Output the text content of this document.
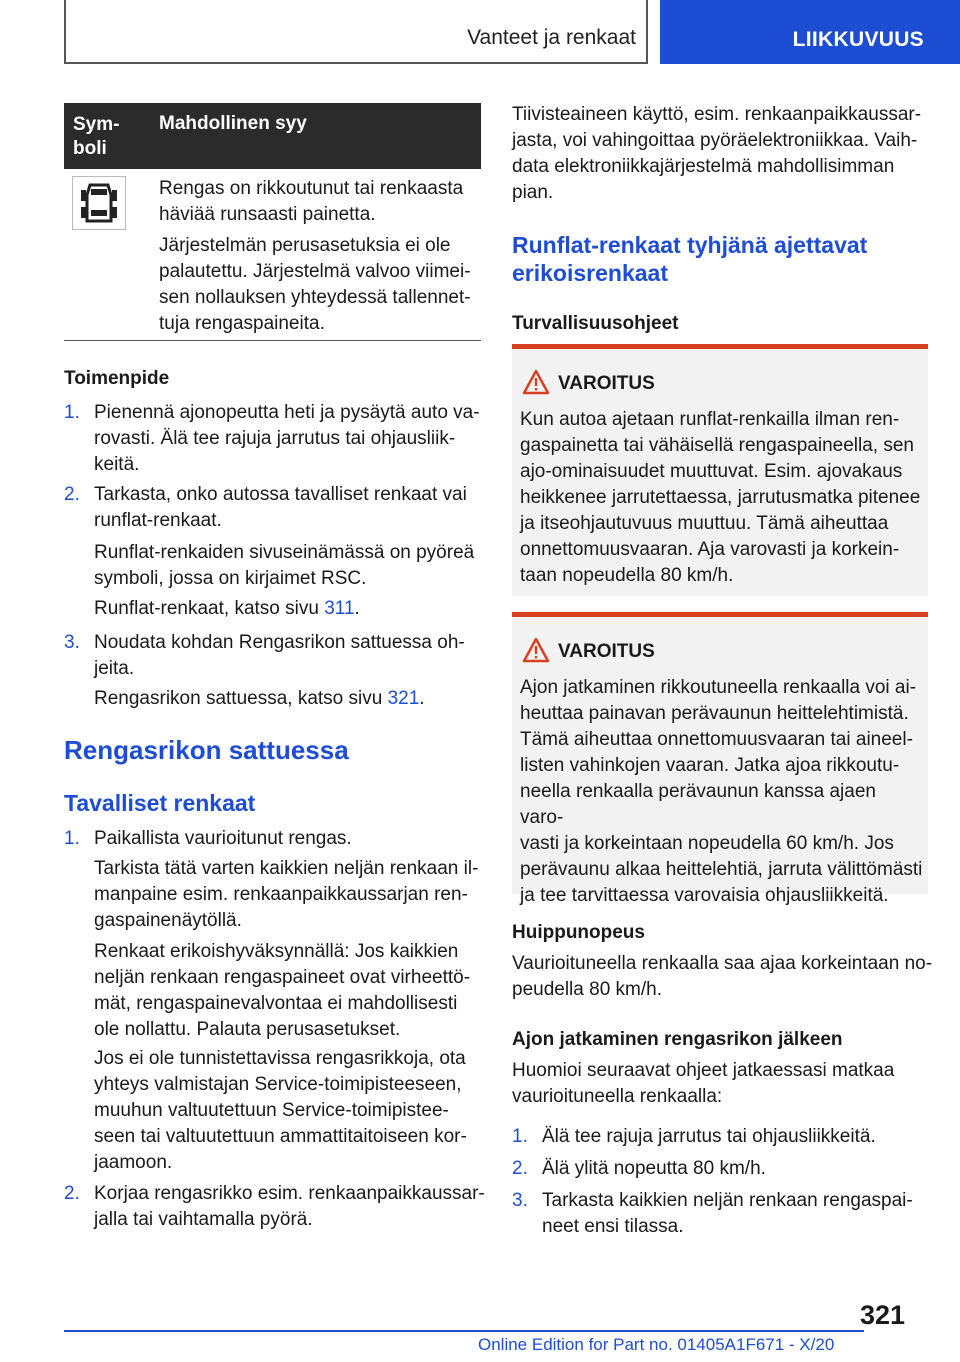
Vanteet ja renkaat	LIIKKUVUUS
Sym-
boli
Mahdollinen syy
Rengas on rikkoutunut tai renkaasta
häviää runsaasti painetta.
Järjestelmän perusasetuksia ei ole
palautettu. Järjestelmä valvoo viimei-
sen nollauksen yhteydessä tallennet-
tuja rengaspaineita.
Toimenpide
1. Pienennä ajonopeutta heti ja pysäytä auto va-
rovasti. Älä tee rajuja jarrutus tai ohjausliik-
keitä.
2. Tarkasta, onko autossa tavalliset renkaat vai
runflat-renkaat.
Runflat-renkaiden sivuseinämässä on pyöreä
symboli, jossa on kirjaimet RSC.
Runflat-renkaat, katso sivu 311.
3. Noudata kohdan Rengasrikon sattuessa oh-
jeita.
Rengasrikon sattuessa, katso sivu 321.
Rengasrikon sattuessa
Tavalliset renkaat
1. Paikallista vaurioitunut rengas.
Tarkista tätä varten kaikkien neljän renkaan il-
manpaine esim. renkaanpaikkaussarjan ren-
gaspainenäytöllä.
Renkaat erikoishyväksynnällä: Jos kaikkien
neljän renkaan rengaspaineet ovat virheettö-
mät, rengaspainevalvontaa ei mahdollisesti
ole nollattu. Palauta perusasetukset.
Jos ei ole tunnistettavissa rengasrikkoja, ota
yhteys valmistajan Service-toimipisteeseen,
muuhun valtuutettuun Service-toimipistee-
seen tai valtuutettuun ammattitaitoiseen kor-
jaamoon.
2. Korjaa rengasrikko esim. renkaanpaikkaussar-
jalla tai vaihtamalla pyörä.
Tiivisteaineen käyttö, esim. renkaanpaikkaussar-
jasta, voi vahingoittaa pyöräelektroniikkaa. Vaih-
data elektroniikkajärjestelmä mahdollisimman
pian.
Runflat-renkaat tyhjänä ajettavat
erikoisrenkaat
Turvallisuusohjeet
VAROITUS
Kun autoa ajetaan runflat-renkailla ilman ren-
gaspainetta tai vähäisellä rengaspaineella, sen
ajo-ominaisuudet muuttuvat. Esim. ajovakaus
heikkenee jarrutettaessa, jarrutusmatka pitenee
ja itseohjautuvuus muuttuu. Tämä aiheuttaa
onnettomuusvaaran. Aja varovasti ja korkein-
taan nopeudella 80 km/h.
VAROITUS
Ajon jatkaminen rikkoutuneella renkaalla voi ai-
heuttaa painavan perävaunun heittelehtimistä.
Tämä aiheuttaa onnettomuusvaaran tai aineel-
listen vahinkojen vaaran. Jatka ajoa rikkoutu-
neella renkaalla perävaunun kanssa ajaen varo-
vasti ja korkeintaan nopeudella 60 km/h. Jos
perävaunu alkaa heittelehtiä, jarruta välittömästi
ja tee tarvittaessa varovaisia ohjausliikkeitä.
Huippunopeus
Vaurioituneella renkaalla saa ajaa korkeintaan no-
peudella 80 km/h.
Ajon jatkaminen rengasrikon jälkeen
Huomioi seuraavat ohjeet jatkaessasi matkaa
vaurioituneella renkaalla:
1. Älä tee rajuja jarrutus tai ohjausliikkeitä.
2. Älä ylitä nopeutta 80 km/h.
3. Tarkasta kaikkien neljän renkaan rengaspai-
neet ensi tilassa.
321
Online Edition for Part no. 01405A1F671 - X/20
